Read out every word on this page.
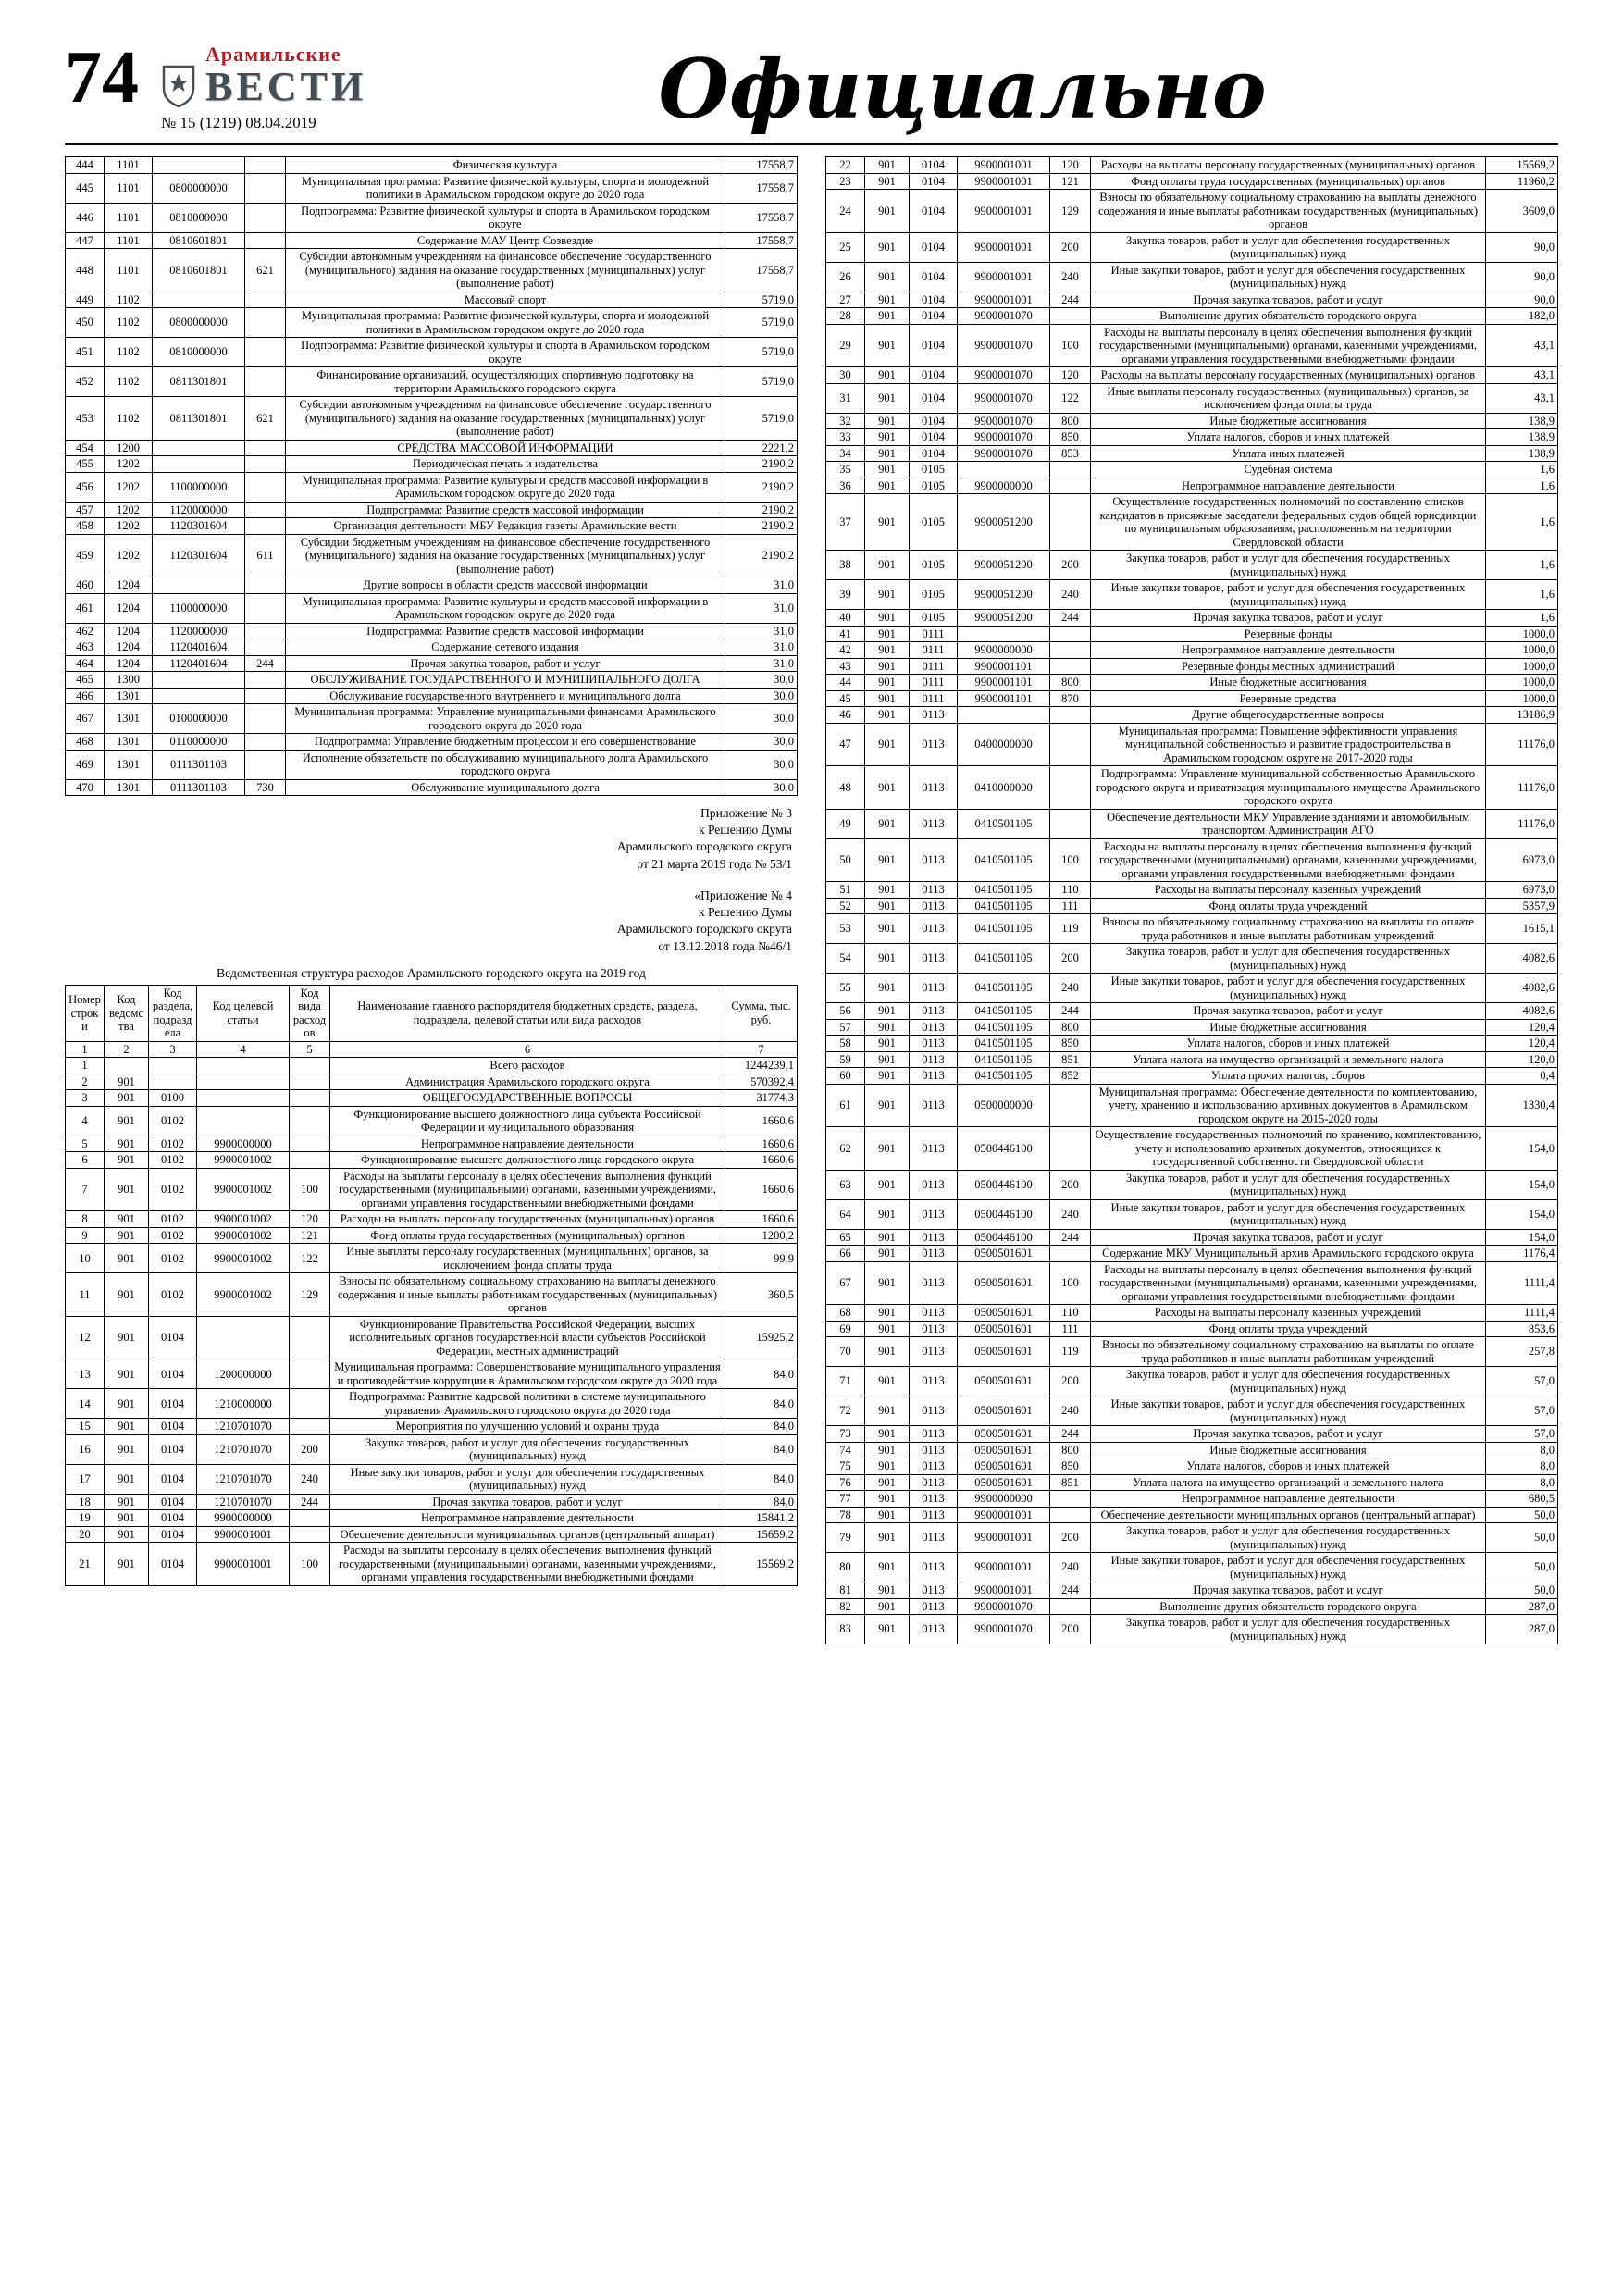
74	Арамильские
ВЕСТИ
№ 15 (1219) 08.04.2019	Официально
444	1101			Физическая культура	17558,7
445	1101	0800000000		Муниципальная программа: Развитие физической культуры, спорта и молодежной политики в Арамильском городском округе до 2020 года	17558,7
446	1101	0810000000		Подпрограмма: Развитие физической культуры и спорта в Арамильском городском округе	17558,7
447	1101	0810601801		Содержание МАУ Центр Созвездие	17558,7
448	1101	0810601801	621	Субсидии автономным учреждениям на финансовое обеспечение государственного (муниципального) задания на оказание государственных (муниципальных) услуг (выполнение работ)	17558,7
449	1102			Массовый спорт	5719,0
450	1102	0800000000		Муниципальная программа: Развитие физической культуры, спорта и молодежной политики в Арамильском городском округе до 2020 года	5719,0
451	1102	0810000000		Подпрограмма: Развитие физической культуры и спорта в Арамильском городском округе	5719,0
452	1102	0811301801		Финансирование организаций, осуществляющих спортивную подготовку на территории Арамильского городского округа	5719,0
453	1102	0811301801	621	Субсидии автономным учреждениям на финансовое обеспечение государственного (муниципального) задания на оказание государственных (муниципальных) услуг (выполнение работ)	5719,0
454	1200			СРЕДСТВА МАССОВОЙ ИНФОРМАЦИИ	2221,2
455	1202			Периодическая печать и издательства	2190,2
456	1202	1100000000		Муниципальная программа: Развитие культуры и средств массовой информации в Арамильском городском округе до 2020 года	2190,2
457	1202	1120000000		Подпрограмма: Развитие средств массовой информации	2190,2
458	1202	1120301604		Организация деятельности МБУ Редакция газеты Арамильские вести	2190,2
459	1202	1120301604	611	Субсидии бюджетным учреждениям на финансовое обеспечение государственного (муниципального) задания на оказание государственных (муниципальных) услуг (выполнение работ)	2190,2
460	1204			Другие вопросы в области средств массовой информации	31,0
461	1204	1100000000		Муниципальная программа: Развитие культуры и средств массовой информации в Арамильском городском округе до 2020 года	31,0
462	1204	1120000000		Подпрограмма: Развитие средств массовой информации	31,0
463	1204	1120401604		Содержание сетевого издания	31,0
464	1204	1120401604	244	Прочая закупка товаров, работ и услуг	31,0
465	1300			ОБСЛУЖИВАНИЕ ГОСУДАРСТВЕННОГО И МУНИЦИПАЛЬНОГО ДОЛГА	30,0
466	1301			Обслуживание государственного внутреннего и муниципального долга	30,0
467	1301	0100000000		Муниципальная программа: Управление муниципальными финансами Арамильского городского округа до 2020 года	30,0
468	1301	0110000000		Подпрограмма: Управление бюджетным процессом и его совершенствование	30,0
469	1301	0111301103		Исполнение обязательств по обслуживанию муниципального долга Арамильского городского округа	30,0
470	1301	0111301103	730	Обслуживание муниципального долга	30,0
Приложение № 3
к Решению Думы
Арамильского городского округа
от 21 марта 2019 года № 53/1
«Приложение № 4
к Решению Думы
Арамильского городского округа
от 13.12.2018 года №46/1
Ведомственная структура расходов Арамильского городского округа на 2019 год
Номер строки	Код ведомства	Код раздела, подраздела	Код целевой статьи	Код вида расходов	Наименование главного распорядителя бюджетных средств, раздела, подраздела, целевой статьи или вида расходов	Сумма, тыс. руб.
1	2	3	4	5	6	7
1					Всего расходов	1244239,1
2	901				Администрация Арамильского городского округа	570392,4
3	901	0100			ОБЩЕГОСУДАРСТВЕННЫЕ ВОПРОСЫ	31774,3
4	901	0102			Функционирование высшего должностного лица субъекта Российской Федерации и муниципального образования	1660,6
5	901	0102	9900000000		Непрограммное направление деятельности	1660,6
6	901	0102	9900001002		Функционирование высшего должностного лица городского округа	1660,6
7	901	0102	9900001002	100	Расходы на выплаты персоналу в целях обеспечения выполнения функций государственными (муниципальными) органами, казенными учреждениями, органами управления государственными внебюджетными фондами	1660,6
8	901	0102	9900001002	120	Расходы на выплаты персоналу государственных (муниципальных) органов	1660,6
9	901	0102	9900001002	121	Фонд оплаты труда государственных (муниципальных) органов	1200,2
10	901	0102	9900001002	122	Иные выплаты персоналу государственных (муниципальных) органов, за исключением фонда оплаты труда	99,9
11	901	0102	9900001002	129	Взносы по обязательному социальному страхованию на выплаты денежного содержания и иные выплаты работникам государственных (муниципальных) органов	360,5
12	901	0104			Функционирование Правительства Российской Федерации, высших исполнительных органов государственной власти субъектов Российской Федерации, местных администраций	15925,2
13	901	0104	1200000000		Муниципальная программа: Совершенствование муниципального управления и противодействие коррупции в Арамильском городском округе до 2020 года	84,0
14	901	0104	1210000000		Подпрограмма: Развитие кадровой политики в системе муниципального управления Арамильского городского округа до 2020 года	84,0
15	901	0104	1210701070		Мероприятия по улучшению условий и охраны труда	84,0
16	901	0104	1210701070	200	Закупка товаров, работ и услуг для обеспечения государственных (муниципальных) нужд	84,0
17	901	0104	1210701070	240	Иные закупки товаров, работ и услуг для обеспечения государственных (муниципальных) нужд	84,0
18	901	0104	1210701070	244	Прочая закупка товаров, работ и услуг	84,0
19	901	0104	9900000000		Непрограммное направление деятельности	15841,2
20	901	0104	9900001001		Обеспечение деятельности муниципальных органов (центральный аппарат)	15659,2
21	901	0104	9900001001	100	Расходы на выплаты персоналу в целях обеспечения выполнения функций государственными (муниципальными) органами, казенными учреждениями, органами управления государственными внебюджетными фондами	15569,2
22	901	0104	9900001001	120	Расходы на выплаты персоналу государственных (муниципальных) органов	15569,2
23	901	0104	9900001001	121	Фонд оплаты труда государственных (муниципальных) органов	11960,2
24	901	0104	9900001001	129	Взносы по обязательному социальному страхованию на выплаты денежного содержания и иные выплаты работникам государственных (муниципальных) органов	3609,0
25	901	0104	9900001001	200	Закупка товаров, работ и услуг для обеспечения государственных (муниципальных) нужд	90,0
26	901	0104	9900001001	240	Иные закупки товаров, работ и услуг для обеспечения государственных (муниципальных) нужд	90,0
27	901	0104	9900001001	244	Прочая закупка товаров, работ и услуг	90,0
28	901	0104	9900001070		Выполнение других обязательств городского округа	182,0
29	901	0104	9900001070	100	Расходы на выплаты персоналу в целях обеспечения выполнения функций государственными (муниципальными) органами, казенными учреждениями, органами управления государственными внебюджетными фондами	43,1
30	901	0104	9900001070	120	Расходы на выплаты персоналу государственных (муниципальных) органов	43,1
31	901	0104	9900001070	122	Иные выплаты персоналу государственных (муниципальных) органов, за исключением фонда оплаты труда	43,1
32	901	0104	9900001070	800	Иные бюджетные ассигнования	138,9
33	901	0104	9900001070	850	Уплата налогов, сборов и иных платежей	138,9
34	901	0104	9900001070	853	Уплата иных платежей	138,9
35	901	0105			Судебная система	1,6
36	901	0105	9900000000		Непрограммное направление деятельности	1,6
37	901	0105	9900051200		Осуществление государственных полномочий по составлению списков кандидатов в присяжные заседатели федеральных судов общей юрисдикции по муниципальным образованиям, расположенным на территории Свердловской области	1,6
38	901	0105	9900051200	200	Закупка товаров, работ и услуг для обеспечения государственных (муниципальных) нужд	1,6
39	901	0105	9900051200	240	Иные закупки товаров, работ и услуг для обеспечения государственных (муниципальных) нужд	1,6
40	901	0105	9900051200	244	Прочая закупка товаров, работ и услуг	1,6
41	901	0111			Резервные фонды	1000,0
42	901	0111	9900000000		Непрограммное направление деятельности	1000,0
43	901	0111	9900001101		Резервные фонды местных администраций	1000,0
44	901	0111	9900001101	800	Иные бюджетные ассигнования	1000,0
45	901	0111	9900001101	870	Резервные средства	1000,0
46	901	0113			Другие общегосударственные вопросы	13186,9
47	901	0113	0400000000		Муниципальная программа: Повышение эффективности управления муниципальной собственностью и развитие градостроительства в Арамильском городском округе на 2017-2020 годы	11176,0
48	901	0113	0410000000		Подпрограмма: Управление муниципальной собственностью Арамильского городского округа и приватизация муниципального имущества Арамильского городского округа	11176,0
49	901	0113	0410501105		Обеспечение деятельности МКУ Управление зданиями и автомобильным транспортом Администрации АГО	11176,0
50	901	0113	0410501105	100	Расходы на выплаты персоналу в целях обеспечения выполнения функций государственными (муниципальными) органами, казенными учреждениями, органами управления государственными внебюджетными фондами	6973,0
51	901	0113	0410501105	110	Расходы на выплаты персоналу казенных учреждений	6973,0
52	901	0113	0410501105	111	Фонд оплаты труда учреждений	5357,9
53	901	0113	0410501105	119	Взносы по обязательному социальному страхованию на выплаты по оплате труда работников и иные выплаты работникам учреждений	1615,1
54	901	0113	0410501105	200	Закупка товаров, работ и услуг для обеспечения государственных (муниципальных) нужд	4082,6
55	901	0113	0410501105	240	Иные закупки товаров, работ и услуг для обеспечения государственных (муниципальных) нужд	4082,6
56	901	0113	0410501105	244	Прочая закупка товаров, работ и услуг	4082,6
57	901	0113	0410501105	800	Иные бюджетные ассигнования	120,4
58	901	0113	0410501105	850	Уплата налогов, сборов и иных платежей	120,4
59	901	0113	0410501105	851	Уплата налога на имущество организаций и земельного налога	120,0
60	901	0113	0410501105	852	Уплата прочих налогов, сборов	0,4
61	901	0113	0500000000		Муниципальная программа: Обеспечение деятельности по комплектованию, учету, хранению и использованию архивных документов в Арамильском городском округе на 2015-2020 годы	1330,4
62	901	0113	0500446100		Осуществление государственных полномочий по хранению, комплектованию, учету и использованию архивных документов, относящихся к государственной собственности Свердловской области	154,0
63	901	0113	0500446100	200	Закупка товаров, работ и услуг для обеспечения государственных (муниципальных) нужд	154,0
64	901	0113	0500446100	240	Иные закупки товаров, работ и услуг для обеспечения государственных (муниципальных) нужд	154,0
65	901	0113	0500446100	244	Прочая закупка товаров, работ и услуг	154,0
66	901	0113	0500501601		Содержание МКУ Муниципальный архив Арамильского городского округа	1176,4
67	901	0113	0500501601	100	Расходы на выплаты персоналу в целях обеспечения выполнения функций государственными (муниципальными) органами, казенными учреждениями, органами управления государственными внебюджетными фондами	1111,4
68	901	0113	0500501601	110	Расходы на выплаты персоналу казенных учреждений	1111,4
69	901	0113	0500501601	111	Фонд оплаты труда учреждений	853,6
70	901	0113	0500501601	119	Взносы по обязательному социальному страхованию на выплаты по оплате труда работников и иные выплаты работникам учреждений	257,8
71	901	0113	0500501601	200	Закупка товаров, работ и услуг для обеспечения государственных (муниципальных) нужд	57,0
72	901	0113	0500501601	240	Иные закупки товаров, работ и услуг для обеспечения государственных (муниципальных) нужд	57,0
73	901	0113	0500501601	244	Прочая закупка товаров, работ и услуг	57,0
74	901	0113	0500501601	800	Иные бюджетные ассигнования	8,0
75	901	0113	0500501601	850	Уплата налогов, сборов и иных платежей	8,0
76	901	0113	0500501601	851	Уплата налога на имущество организаций и земельного налога	8,0
77	901	0113	9900000000		Непрограммное направление деятельности	680,5
78	901	0113	9900001001		Обеспечение деятельности муниципальных органов (центральный аппарат)	50,0
79	901	0113	9900001001	200	Закупка товаров, работ и услуг для обеспечения государственных (муниципальных) нужд	50,0
80	901	0113	9900001001	240	Иные закупки товаров, работ и услуг для обеспечения государственных (муниципальных) нужд	50,0
81	901	0113	9900001001	244	Прочая закупка товаров, работ и услуг	50,0
82	901	0113	9900001070		Выполнение других обязательств городского округа	287,0
83	901	0113	9900001070	200	Закупка товаров, работ и услуг для обеспечения государственных (муниципальных) нужд	287,0
